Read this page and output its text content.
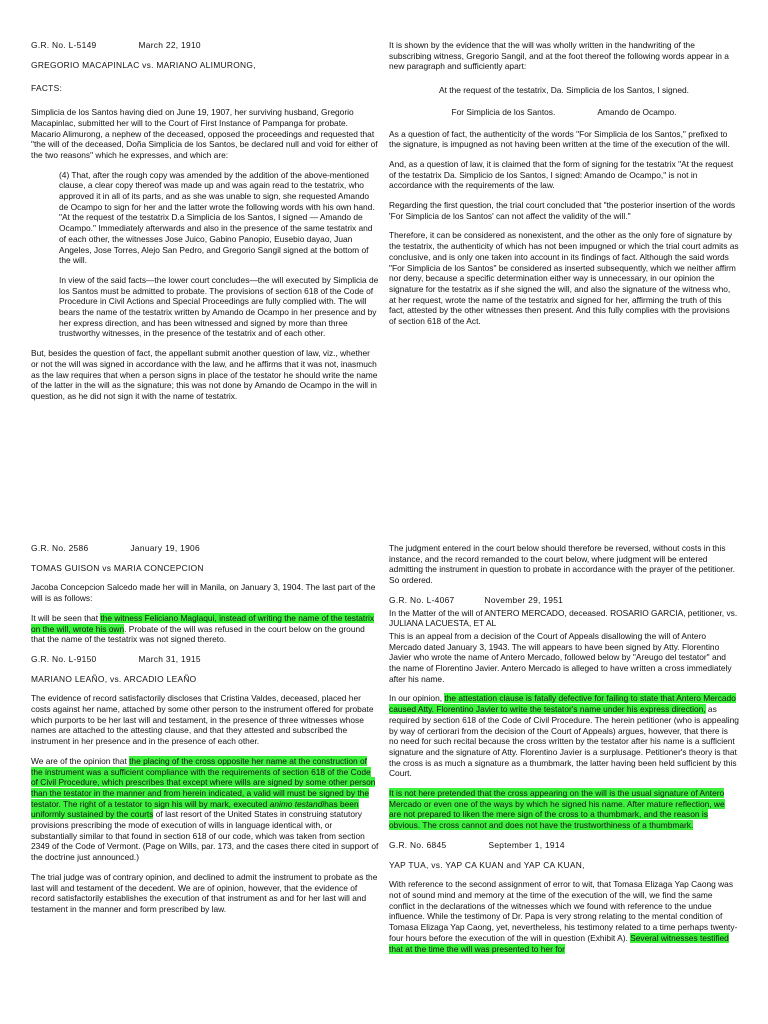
G.R. No. L-5149	March 22, 1910

GREGORIO MACAPINLAC vs. MARIANO ALIMURONG,

FACTS:

Simplicia de los Santos having died on June 19, 1907, her surviving husband, Gregorio Macapinlac, submitted her will to the Court of First Instance of Pampanga for probate. Macario Alimurong, a nephew of the deceased, opposed the proceedings and requested that "the will of the deceased, Doña Simplicia de los Santos, be declared null and void for either of the two reasons" which he expresses, and which are:

(4) That, after the rough copy was amended by the addition of the above-mentioned clause, a clear copy thereof was made up and was again read to the testatrix, who approved it in all of its parts, and as she was unable to sign, she requested Amando de Ocampo to sign for her and the latter wrote the following words with his own hand. "At the request of the testatrix D.a Simplicia de los Santos, I signed — Amando de Ocampo." Immediately afterwards and also in the presence of the same testatrix and of each other, the witnesses Jose Juico, Gabino Panopio, Eusebio dayao, Juan Angeles, Jose Torres, Alejo San Pedro, and Gregorio Sangil signed at the bottom of the will.

In view of the said facts—the lower court concludes—the will executed by Simplicia de los Santos must be admitted to probate. The provisions of section 618 of the Code of Procedure in Civil Actions and Special Proceedings are fully complied with. The will bears the name of the testatrix written by Amando de Ocampo in her presence and by her express direction, and has been witnessed and signed by more than three trustworthy witnesses, in the presence of the testatrix and of each other.

But, besides the question of fact, the appellant submit another question of law, viz., whether or not the will was signed in accordance with the law, and he affirms that it was not, inasmuch as the law requires that when a person signs in place of the testator he should write the name of the latter in the will as the signature; this was not done by Amando de Ocampo in the will in question, as he did not sign it with the name of testatrix.

It is shown by the evidence that the will was wholly written in the handwriting of the subscribing witness, Gregorio Sangil, and at the foot thereof the following words appear in a new paragraph and sufficiently apart:

At the request of the testatrix, Da. Simplicia de los Santos, I signed.

For Simplicia de los Santos.	Amando de Ocampo.

As a question of fact, the authenticity of the words "For Simplicia de los Santos," prefixed to the signature, is impugned as not having been written at the time of the execution of the will.

And, as a question of law, it is claimed that the form of signing for the testatrix "At the request of the testatrix Da. Simplicio de los Santos, I signed: Amando de Ocampo," is not in accordance with the requirements of the law.

Regarding the first question, the trial court concluded that "the posterior insertion of the words 'For Simplicia de los Santos' can not affect the validity of the will."

Therefore, it can be considered as nonexistent, and the other as the only fore of signature by the testatrix, the authenticity of which has not been impugned or which the trial court admits as conclusive, and is only one taken into account in its findings of fact. Although the said words "For Simplicia de los Santos" be considered as inserted subsequently, which we neither affirm nor deny, because a specific determination either way is unnecessary, in our opinion the signature for the testatrix as if she signed the will, and also the signature of the witness who, at her request, wrote the name of the testatrix and signed for her, affirming the truth of this fact, attested by the other witnesses then present. And this fully complies with the provisions of section 618 of the Act.

G.R. No. 2586	January 19, 1906

TOMAS GUISON vs MARIA CONCEPCION

Jacoba Concepcion Salcedo made her will in Manila, on January 3, 1904. The last part of the will is as follows:

It will be seen that the witness Feliciano Maglaqui, instead of writing the name of the testatrix on the will, wrote his own. Probate of the will was refused in the court below on the ground that the name of the testatrix was not signed thereto.

G.R. No. L-9150	March 31, 1915

MARIANO LEAÑO, vs. ARCADIO LEAÑO

The evidence of record satisfactorily discloses that Cristina Valdes, deceased, placed her costs against her name, attached by some other person to the instrument offered for probate which purports to be her last will and testament, in the presence of three witnesses whose names are attached to the attesting clause, and that they attested and subscribed the instrument in her presence and in the presence of each other.

We are of the opinion that the placing of the cross opposite her name at the construction of the instrument was a sufficient compliance with the requirements of section 618 of the Code of Civil Procedure, which prescribes that except where wills are signed by some other person than the testator in the manner and from herein indicated, a valid will must be signed by the testator. The right of a testator to sign his will by mark, executed animo testandihas been uniformly sustained by the courts of last resort of the United States in construing statutory provisions prescribing the mode of execution of wills in language identical with, or substantially similar to that found in section 618 of our code, which was taken from section 2349 of the Code of Vermont. (Page on Wills, par. 173, and the cases there cited in support of the doctrine just announced.)

The trial judge was of contrary opinion, and declined to admit the instrument to probate as the last will and testament of the decedent. We are of opinion, however, that the evidence of record satisfactorily establishes the execution of that instrument as and for her last will and testament in the manner and form prescribed by law.

The judgment entered in the court below should therefore be reversed, without costs in this instance, and the record remanded to the court below, where judgment will be entered admitting the instrument in question to probate in accordance with the prayer of the petitioner. So ordered.

G.R. No. L-4067	November 29, 1951

In the Matter of the will of ANTERO MERCADO, deceased. ROSARIO GARCIA, petitioner, vs. JULIANA LACUESTA, ET AL

This is an appeal from a decision of the Court of Appeals disallowing the will of Antero Mercado dated January 3, 1943. The will appears to have been signed by Atty. Florentino Javier who wrote the name of Antero Mercado, followed below by "Areugo del testator" and the name of Florentino Javier. Antero Mercado is alleged to have written a cross immediately after his name.

In our opinion, the attestation clause is fatally defective for failing to state that Antero Mercado caused Atty. Florentino Javier to write the testator's name under his express direction, as required by section 618 of the Code of Civil Procedure. The herein petitioner (who is appealing by way of certiorari from the decision of the Court of Appeals) argues, however, that there is no need for such recital because the cross written by the testator after his name is a sufficient signature and the signature of Atty. Florentino Javier is a surplusage. Petitioner's theory is that the cross is as much a signature as a thumbmark, the latter having been held sufficient by this Court.

It is not here pretended that the cross appearing on the will is the usual signature of Antero Mercado or even one of the ways by which he signed his name. After mature reflection, we are not prepared to liken the mere sign of the cross to a thumbmark, and the reason is obvious. The cross cannot and does not have the trustworthiness of a thumbmark.

G.R. No. 6845	September 1, 1914

YAP TUA, vs. YAP CA KUAN and YAP CA KUAN,

With reference to the second assignment of error to wit, that Tomasa Elizaga Yap Caong was not of sound mind and memory at the time of the execution of the will, we find the same conflict in the declarations of the witnesses which we found with reference to the undue influence. While the testimony of Dr. Papa is very strong relating to the mental condition of Tomasa Elizaga Yap Caong, yet, nevertheless, his testimony related to a time perhaps twenty-four hours before the execution of the will in question (Exhibit A). Several witnesses testified that at the time the will was presented to her for
